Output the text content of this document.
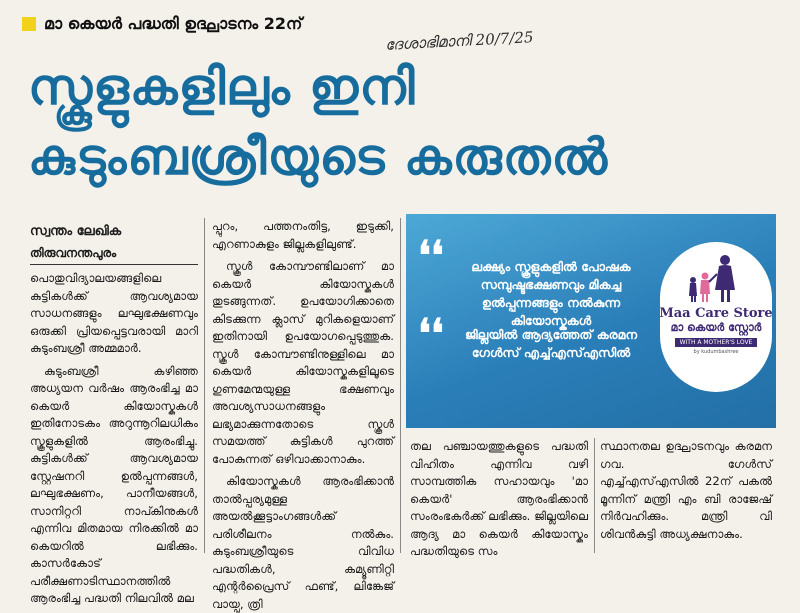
മാ കെയർ പദ്ധതി ഉദ്ഘാടനം 22ന്
ദേശാഭിമാനി 20/7/25
സ്കൂളുകളിലും ഇനി
കുടുംബശ്രീയുടെ കരുതൽ
സ്വന്തം ലേഖിക
തിരുവനന്തപുരം

പൊതുവിദ്യാലയങ്ങളിലെ കുട്ടികൾക്ക് ആവശ്യമായ സാധനങ്ങളും ലഘുഭക്ഷണവും ഒരുക്കി പ്രിയപ്പെട്ടവരായി മാറി കുടുംബശ്രീ അമ്മമാർ.

കുടുംബശ്രീ കഴിഞ്ഞ അധ്യയന വർഷം ആരംഭിച്ച മാ കെയർ കിയോസ്കുകൾ ഇതിനോടകം അറുന്നൂറിലധികം സ്കൂളുകളിൽ ആരംഭിച്ചു. കുട്ടികൾക്ക് ആവശ്യമായ സ്റ്റേഷനറി ഉൽപ്പന്നങ്ങൾ, ലഘുഭക്ഷണം, പാനീയങ്ങൾ, സാനിറ്ററി നാപ്കിനുകൾ എന്നിവ മിതമായ നിരക്കിൽ മാ കെയറിൽ ലഭിക്കും. കാസർകോട് പരീക്ഷണാടിസ്ഥാനത്തിൽ ആരംഭിച്ച പദ്ധതി നിലവിൽ മല

പ്പുറം, പത്തനംതിട്ട, ഇടുക്കി, എറണാകുളം ജില്ലകളിലുണ്ട്.

സ്കൂൾ കോമ്പൗണ്ടിലാണ് മാ കെയർ കിയോസ്കുകൾ തുടങ്ങുന്നത്. ഉപയോഗിക്കാതെ കിടക്കുന്ന ക്ലാസ് മുറികളെയാണ് ഇതിനായി ഉപയോഗപ്പെടുത്തുക. സ്കൂൾ കോമ്പൗണ്ടിനുള്ളിലെ മാ കെയർ കിയോസ്കുകളിലൂടെ ഗുണമേന്മയുള്ള ഭക്ഷണവും അവശ്യസാധനങ്ങളും ലഭ്യമാക്കുന്നതോടെ സ്കൂൾ സമയത്ത് കുട്ടികൾ പുറത്ത് പോകുന്നത് ഒഴിവാക്കാനാകും.

കിയോസ്കുകൾ ആരംഭിക്കാൻ താൽപ്പര്യമുള്ള അയൽക്കൂട്ടാംഗങ്ങൾക്ക് പരിശീലനം നൽകും. കുടുംബശ്രീയുടെ വിവിധ പദ്ധതികൾ, കമ്യൂണിറ്റി എന്റർപ്രൈസ് ഫണ്ട്, ലിങ്കേജ് വായ്പ, ത്രി

❛❛	ലക്ഷ്യം സ്കൂളുകളിൽ പോഷക സമ്പുഷ്ടഭക്ഷണവും മികച്ച ഉൽപ്പന്നങ്ങളും നൽകുന്ന കിയോസ്കുകൾ
❛❛	ജില്ലയിൽ ആദ്യത്തേത് കരമന ഗേൾസ് എച്ച്എസ്എസിൽ
Maa Care Store
മാ കെയർ സ്റ്റോർ
WITH A MOTHER'S LOVE
by kudumbashree

തല പഞ്ചായത്തുകളുടെ പദ്ധതി വിഹിതം എന്നിവ വഴി സാമ്പത്തിക സഹായവും 'മാ കെയർ' ആരംഭിക്കാൻ സംരംഭകർക്ക് ലഭിക്കും. ജില്ലയിലെ ആദ്യ മാ കെയർ കിയോസ്കും പദ്ധതിയുടെ സം

സ്ഥാനതല ഉദ്ഘാടനവും കരമന ഗവ. ഗേൾസ് എച്ച്എസ്എസിൽ 22ന് പകൽ മൂന്നിന് മന്ത്രി എം ബി രാജേഷ് നിർവഹിക്കും. മന്ത്രി വി ശിവൻകുട്ടി അധ്യക്ഷനാകും.
